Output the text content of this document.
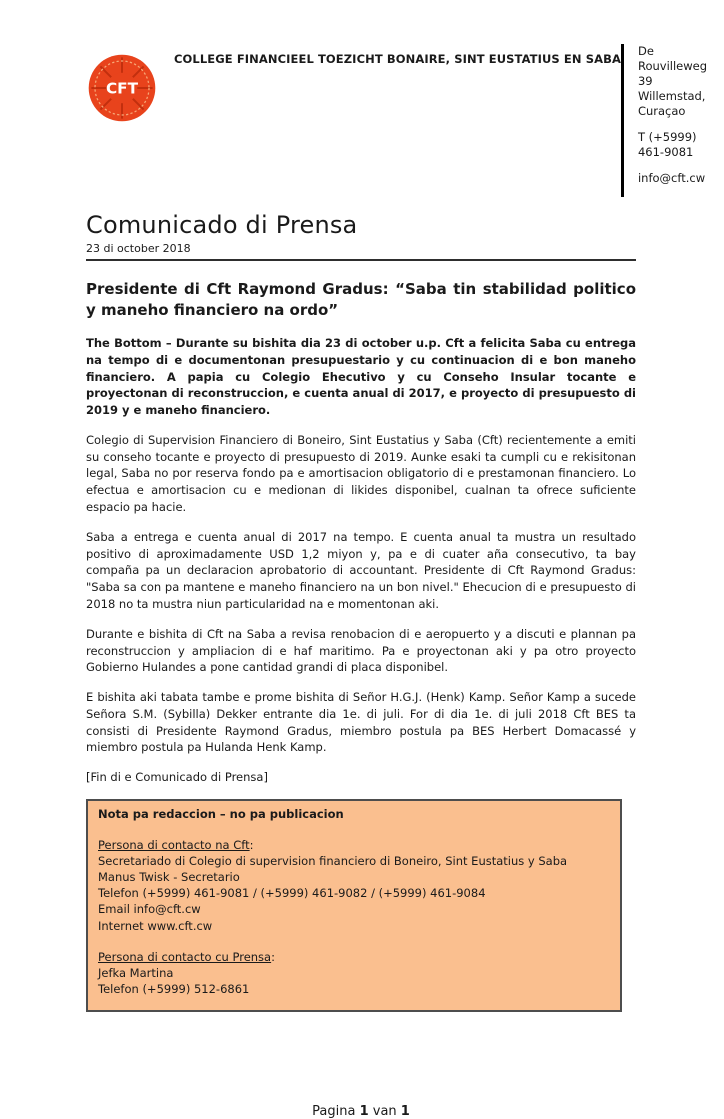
CFT
COLLEGE FINANCIEEL TOEZICHT BONAIRE, SINT EUSTATIUS EN SABA
De Rouvilleweg 39
Willemstad, Curaçao
T (+5999) 461-9081
info@cft.cw
Comunicado di Prensa
23 di october 2018
Presidente di Cft Raymond Gradus: “Saba tin stabilidad politico y maneho financiero na ordo”
The Bottom – Durante su bishita dia 23 di october u.p. Cft a felicita Saba cu entrega na tempo di e documentonan presupuestario y cu continuacion di e bon maneho financiero. A papia cu Colegio Ehecutivo y cu Conseho Insular tocante e proyectonan di reconstruccion, e cuenta anual di 2017, e proyecto di presupuesto di 2019 y e maneho financiero.
Colegio di Supervision Financiero di Boneiro, Sint Eustatius y Saba (Cft) recientemente a emiti su conseho tocante e proyecto di presupuesto di 2019. Aunke esaki ta cumpli cu e rekisitonan legal, Saba no por reserva fondo pa e amortisacion obligatorio di e prestamonan financiero. Lo efectua e amortisacion cu e medionan di likides disponibel, cualnan ta ofrece suficiente espacio pa hacie.
Saba a entrega e cuenta anual di 2017 na tempo. E cuenta anual ta mustra un resultado positivo di aproximadamente USD 1,2 miyon y, pa e di cuater aña consecutivo, ta bay compaña pa un declaracion aprobatorio di accountant. Presidente di Cft Raymond Gradus: "Saba sa con pa mantene e maneho financiero na un bon nivel." Ehecucion di e presupuesto di 2018 no ta mustra niun particularidad na e momentonan aki.
Durante e bishita di Cft na Saba a revisa renobacion di e aeropuerto y a discuti e plannan pa reconstruccion y ampliacion di e haf maritimo. Pa e proyectonan aki y pa otro proyecto Gobierno Hulandes a pone cantidad grandi di placa disponibel.
E bishita aki tabata tambe e prome bishita di Señor H.G.J. (Henk) Kamp. Señor Kamp a sucede Señora S.M. (Sybilla) Dekker entrante dia 1e. di juli. For di dia 1e. di juli 2018 Cft BES ta consisti di Presidente Raymond Gradus, miembro postula pa BES Herbert Domacassé y miembro postula pa Hulanda Henk Kamp.
[Fin di e Comunicado di Prensa]
Nota pa redaccion – no pa publicacion
Persona di contacto na Cft:
Secretariado di Colegio di supervision financiero di Boneiro, Sint Eustatius y Saba
Manus Twisk - Secretario
Telefon (+5999) 461-9081 / (+5999) 461-9082 / (+5999) 461-9084
Email info@cft.cw
Internet www.cft.cw
Persona di contacto cu Prensa:
Jefka Martina
Telefon (+5999) 512-6861
Pagina 1 van 1
